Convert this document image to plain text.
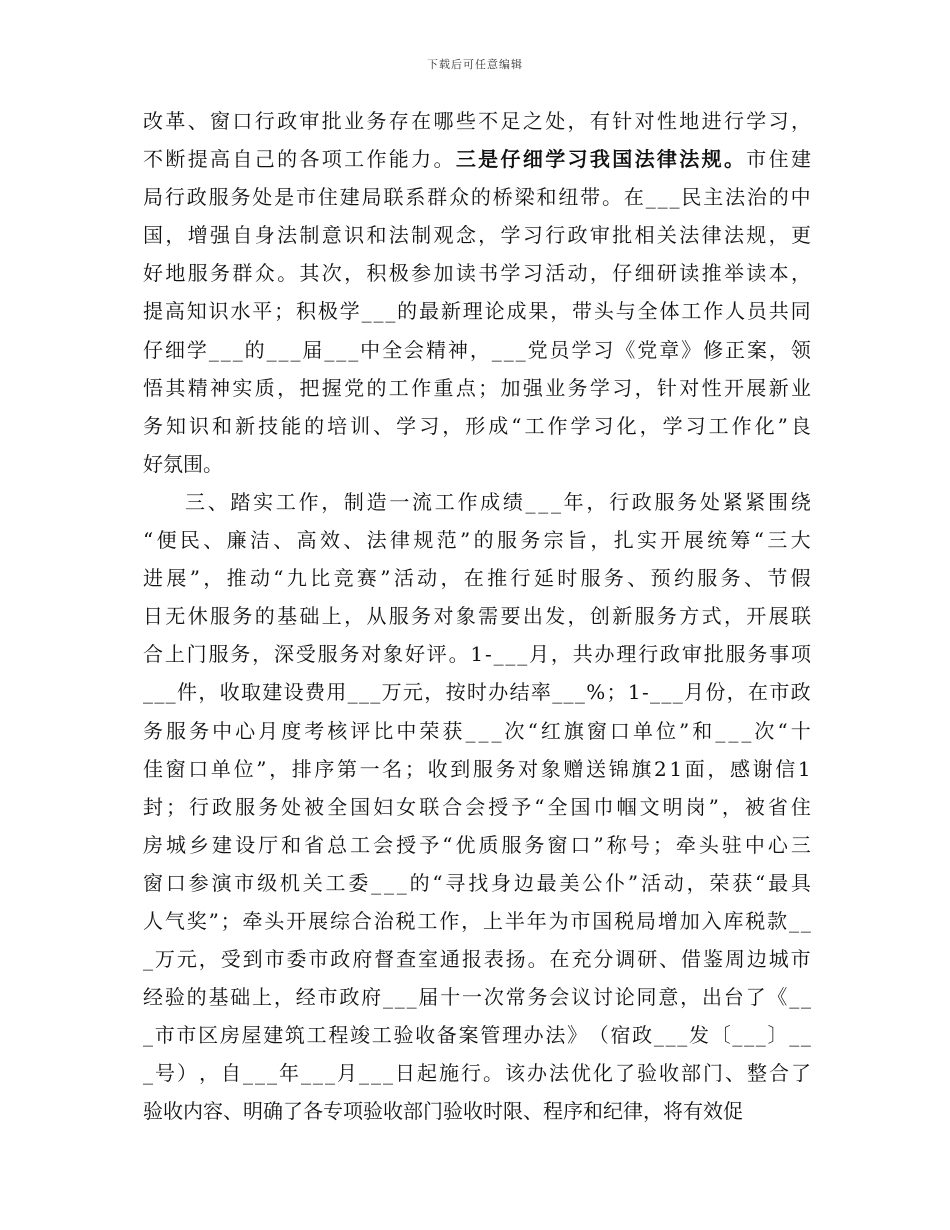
下载后可任意编辑
改 革 、 窗 口 行 政 审 批 业 务 存 在 哪 些 不 足 之 处 ， 有 针 对 性 地 进 行 学 习 ，
不 断 提 高 自 己 的 各 项 工 作 能 力 。 三 是 仔 细 学 习 我 国 法 律 法 规 。 市 住 建
局 行 政 服 务 处 是 市 住 建 局 联 系 群 众 的 桥 梁 和 纽 带 。 在 _ _ _ 民 主 法 治 的 中
国 ， 增 强 自 身 法 制 意 识 和 法 制 观 念 ， 学 习 行 政 审 批 相 关 法 律 法 规 ， 更
好 地 服 务 群 众 。 其 次 ， 积 极 参 加 读 书 学 习 活 动 ， 仔 细 研 读 推 举 读 本 ，
提 高 知 识 水 平 ； 积 极 学 _ _ _ 的 最 新 理 论 成 果 ， 带 头 与 全 体 工 作 人 员 共 同
仔 细 学 _ _ _ 的 _ _ _ 届 _ _ _ 中 全 会 精 神 ， _ _ _ 党 员 学 习 《 党 章 》 修 正 案 ， 领
悟 其 精 神 实 质 ， 把 握 党 的 工 作 重 点 ； 加 强 业 务 学 习 ， 针 对 性 开 展 新 业
务 知 识 和 新 技 能 的 培 训 、 学 习 ， 形 成 “ 工 作 学 习 化 ， 学 习 工 作 化 ” 良
好氛围。
三 、 踏 实 工 作 ， 制 造 一 流 工 作 成 绩 _ _ _ 年 ， 行 政 服 务 处 紧 紧 围 绕
“ 便 民 、 廉 洁 、 高 效 、 法 律 规 范 ” 的 服 务 宗 旨 ， 扎 实 开 展 统 筹 “ 三 大
进 展 ” ， 推 动 “ 九 比 竞 赛 ” 活 动 ， 在 推 行 延 时 服 务 、 预 约 服 务 、 节 假
日 无 休 服 务 的 基 础 上 ， 从 服 务 对 象 需 要 出 发 ， 创 新 服 务 方 式 ， 开 展 联
合 上 门 服 务 ， 深 受 服 务 对 象 好 评 。 1 - _ _ _ 月 ， 共 办 理 行 政 审 批 服 务 事 项
_ _ _ 件 ， 收 取 建 设 费 用 _ _ _ 万 元 ， 按 时 办 结 率 _ _ _ % ； 1 - _ _ _ 月 份 ， 在 市 政
务 服 务 中 心 月 度 考 核 评 比 中 荣 获 _ _ _ 次 “ 红 旗 窗 口 单 位 ” 和 _ _ _ 次 “ 十
佳 窗 口 单 位 ” ， 排 序 第 一 名 ； 收 到 服 务 对 象 赠 送 锦 旗 2 1 面 ， 感 谢 信 1
封 ； 行 政 服 务 处 被 全 国 妇 女 联 合 会 授 予 “ 全 国 巾 帼 文 明 岗 ” ， 被 省 住
房 城 乡 建 设 厅 和 省 总 工 会 授 予 “ 优 质 服 务 窗 口 ” 称 号 ； 牵 头 驻 中 心 三
窗 口 参 演 市 级 机 关 工 委 _ _ _ 的 “ 寻 找 身 边 最 美 公 仆 ” 活 动 ， 荣 获 “ 最 具
人 气 奖 ” ； 牵 头 开 展 综 合 治 税 工 作 ， 上 半 年 为 市 国 税 局 增 加 入 库 税 款 _ _
_ 万 元 ， 受 到 市 委 市 政 府 督 查 室 通 报 表 扬 。 在 充 分 调 研 、 借 鉴 周 边 城 市
经 验 的 基 础 上 ， 经 市 政 府 _ _ _ 届 十 一 次 常 务 会 议 讨 论 同 意 ， 出 台 了 《 _ _
_ 市 市 区 房 屋 建 筑 工 程 竣 工 验 收 备 案 管 理 办 法 》 （ 宿 政 _ _ _ 发 〔 _ _ _ 〕 _ _
_ 号 ） ， 自 _ _ _ 年 _ _ _ 月 _ _ _ 日 起 施 行 。 该 办 法 优 化 了 验 收 部 门 、 整 合 了
验收内容、明确了各专项验收部门验收时限、程序和纪律，将有效促
